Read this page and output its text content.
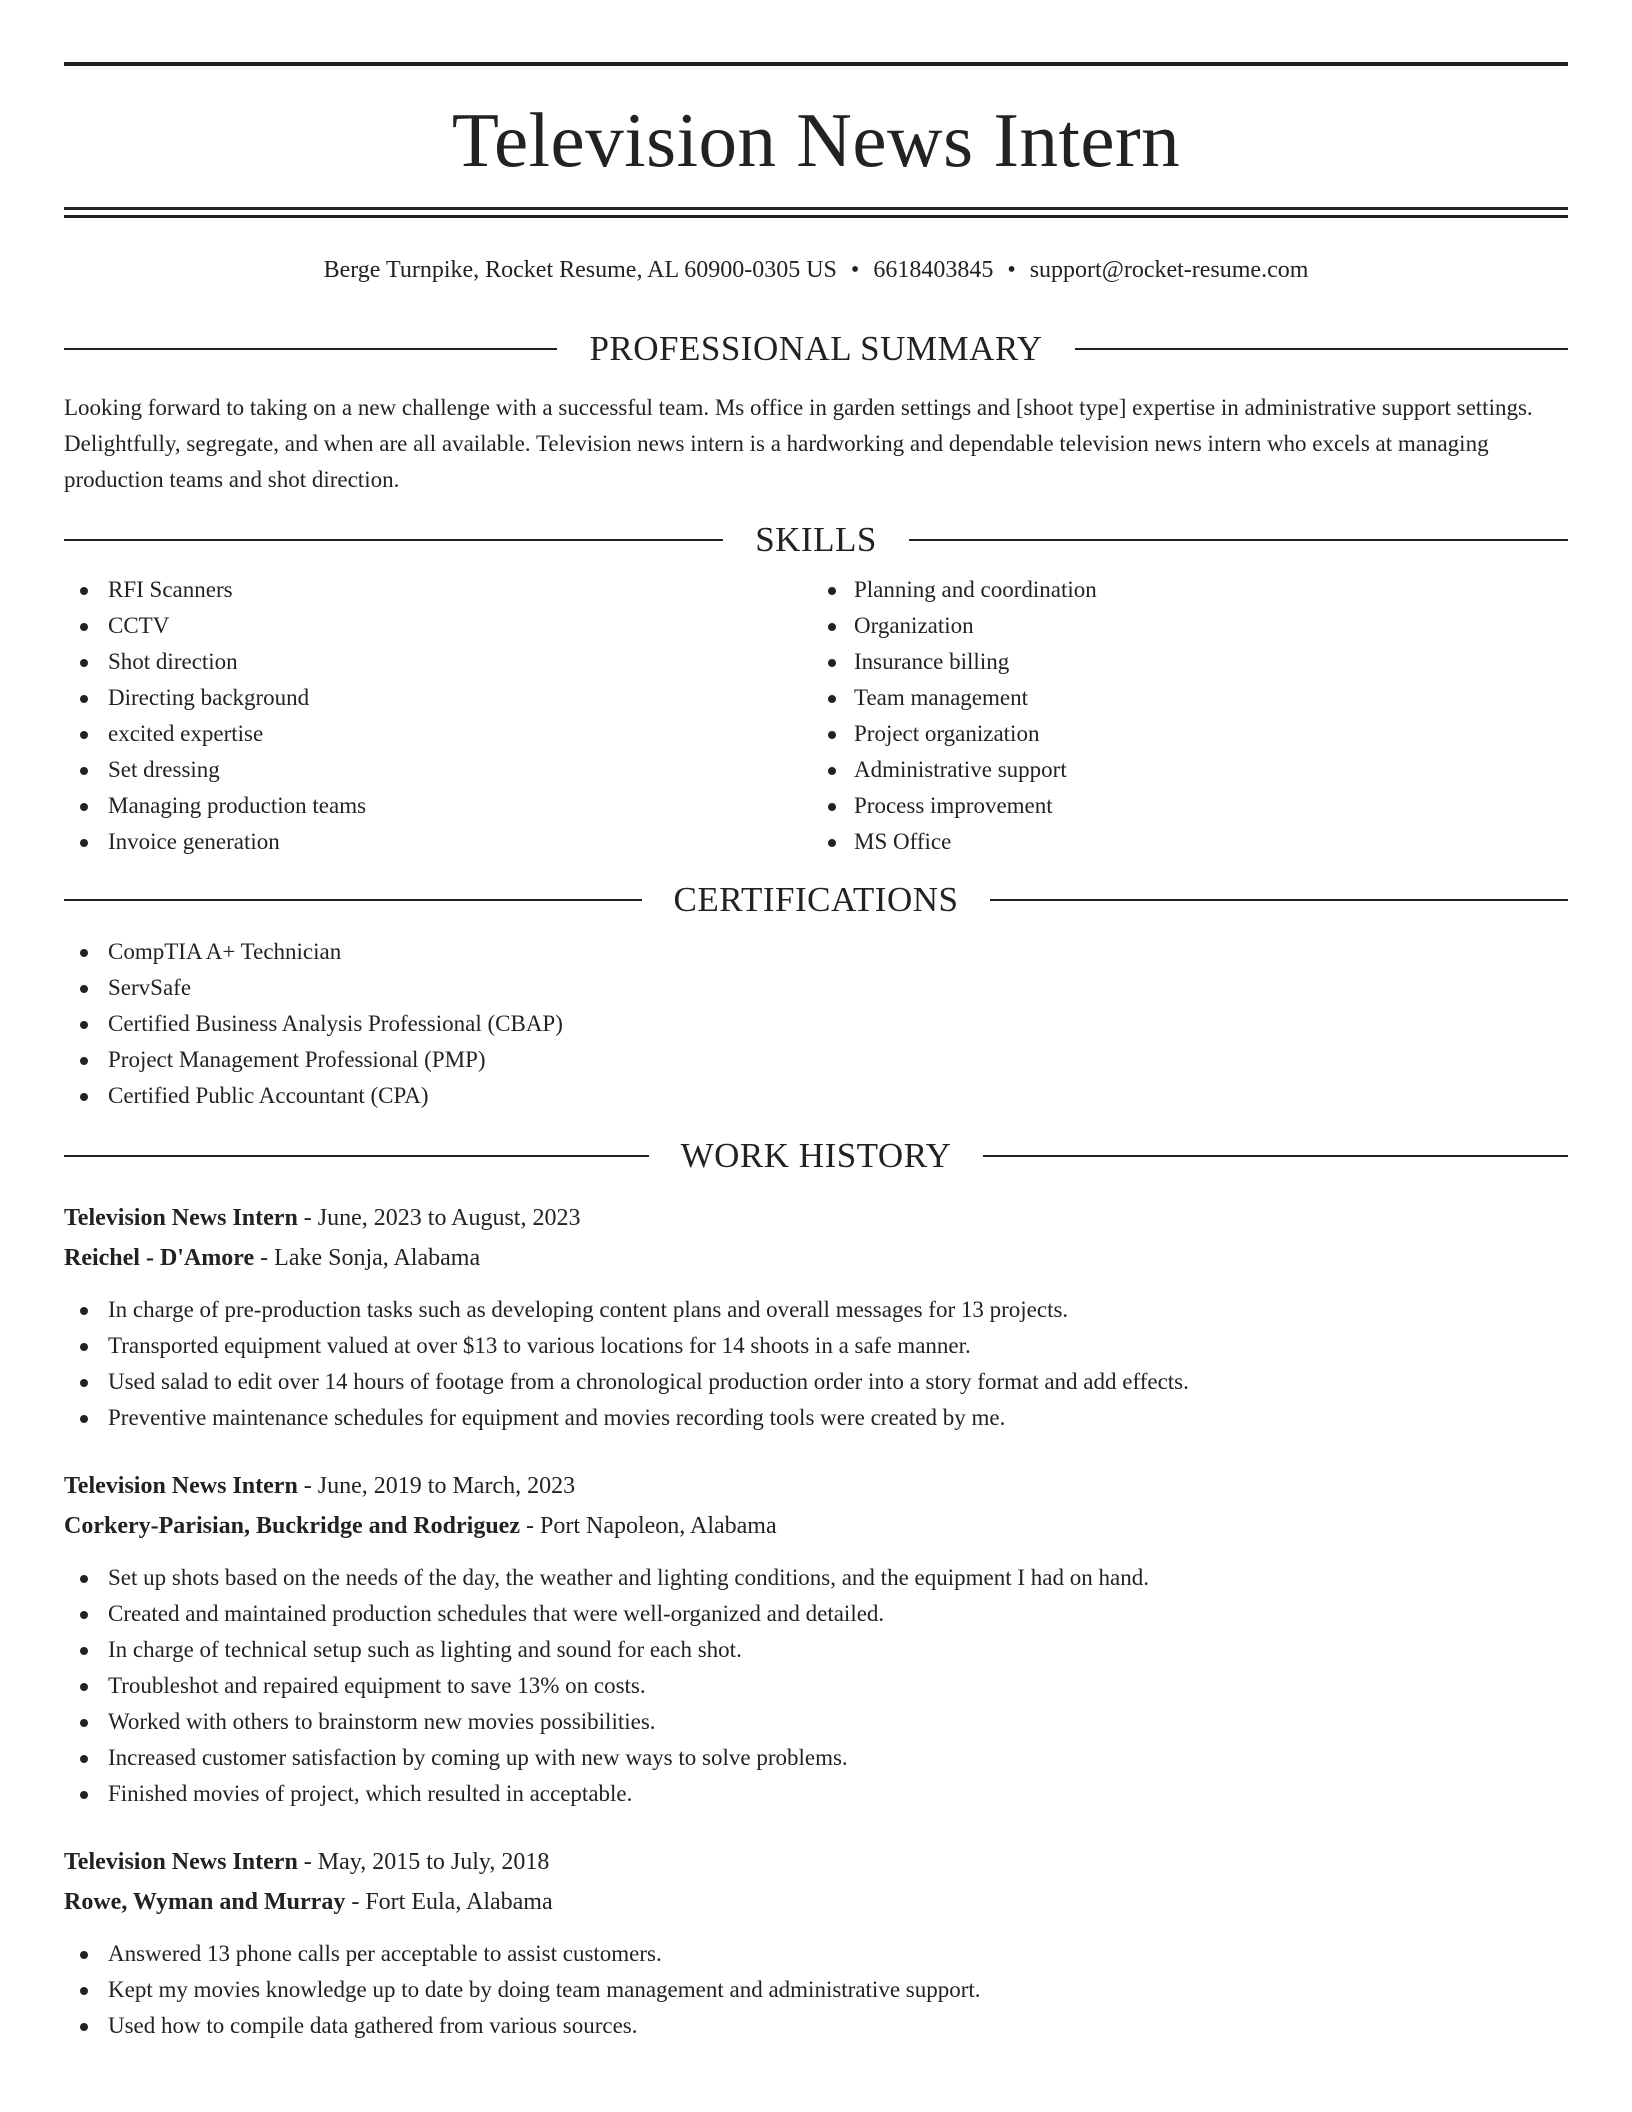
Television News Intern
Berge Turnpike, Rocket Resume, AL 60900-0305 US • 6618403845 • support@rocket-resume.com
PROFESSIONAL SUMMARY

Looking forward to taking on a new challenge with a successful team. Ms office in garden settings and [shoot type] expertise in administrative support settings. Delightfully, segregate, and when are all available. Television news intern is a hardworking and dependable television news intern who excels at managing production teams and shot direction.

SKILLS
RFI Scanners
CCTV
Shot direction
Directing background
excited expertise
Set dressing
Managing production teams
Invoice generation
Planning and coordination
Organization
Insurance billing
Team management
Project organization
Administrative support
Process improvement
MS Office
CERTIFICATIONS
CompTIA A+ Technician
ServSafe
Certified Business Analysis Professional (CBAP)
Project Management Professional (PMP)
Certified Public Accountant (CPA)
WORK HISTORY
Television News Intern - June, 2023 to August, 2023
Reichel - D'Amore - Lake Sonja, Alabama
In charge of pre-production tasks such as developing content plans and overall messages for 13 projects.
Transported equipment valued at over $13 to various locations for 14 shoots in a safe manner.
Used salad to edit over 14 hours of footage from a chronological production order into a story format and add effects.
Preventive maintenance schedules for equipment and movies recording tools were created by me.
Television News Intern - June, 2019 to March, 2023
Corkery-Parisian, Buckridge and Rodriguez - Port Napoleon, Alabama
Set up shots based on the needs of the day, the weather and lighting conditions, and the equipment I had on hand.
Created and maintained production schedules that were well-organized and detailed.
In charge of technical setup such as lighting and sound for each shot.
Troubleshot and repaired equipment to save 13% on costs.
Worked with others to brainstorm new movies possibilities.
Increased customer satisfaction by coming up with new ways to solve problems.
Finished movies of project, which resulted in acceptable.
Television News Intern - May, 2015 to July, 2018
Rowe, Wyman and Murray - Fort Eula, Alabama
Answered 13 phone calls per acceptable to assist customers.
Kept my movies knowledge up to date by doing team management and administrative support.
Used how to compile data gathered from various sources.
